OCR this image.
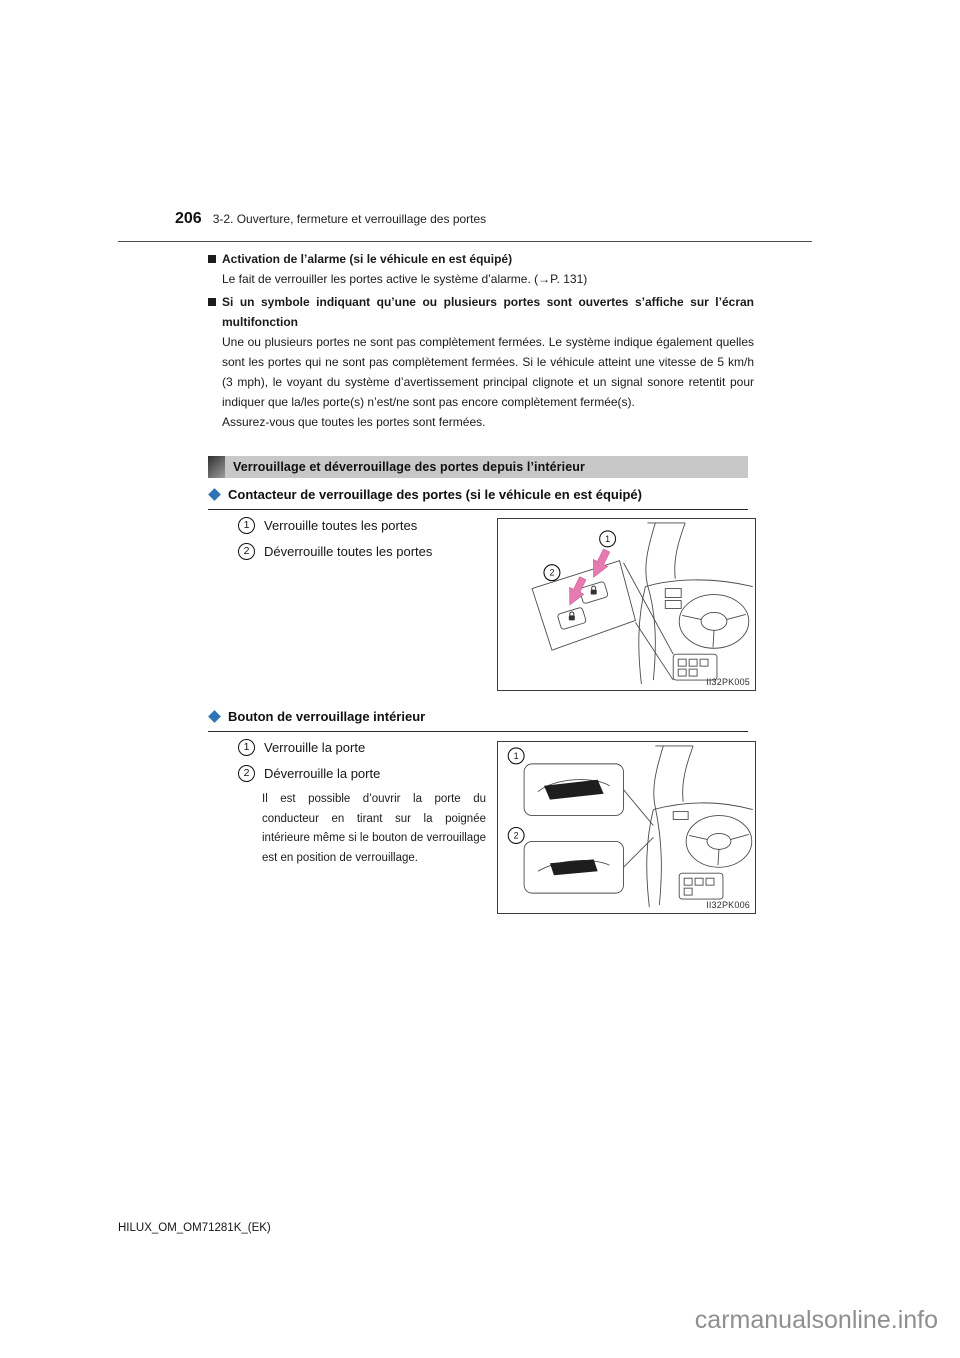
206 3-2. Ouverture, fermeture et verrouillage des portes
Activation de l’alarme (si le véhicule en est équipé)

Le fait de verrouiller les portes active le système d’alarme. (→P. 131)

Si un symbole indiquant qu’une ou plusieurs portes sont ouvertes s’affiche sur l’écran multifonction

Une ou plusieurs portes ne sont pas complètement fermées. Le système indique également quelles sont les portes qui ne sont pas complètement fermées. Si le véhicule atteint une vitesse de 5 km/h (3 mph), le voyant du système d’avertissement principal clignote et un signal sonore retentit pour indiquer que la/les porte(s) n’est/ne sont pas encore complètement fermée(s).

Assurez-vous que toutes les portes sont fermées.

Verrouillage et déverrouillage des portes depuis l’intérieur
Contacteur de verrouillage des portes (si le véhicule en est équipé)
1	Verrouille toutes les portes
2	Déverrouille toutes les portes
1
2
II32PK005
Bouton de verrouillage intérieur
1	Verrouille la porte
2	Déverrouille la porte

Il est possible d’ouvrir la porte du conducteur en tirant sur la poignée intérieure même si le bouton de verrouillage est en position de verrouillage.

1
2
II32PK006
HILUX_OM_OM71281K_(EK)
carmanualsonline.info
